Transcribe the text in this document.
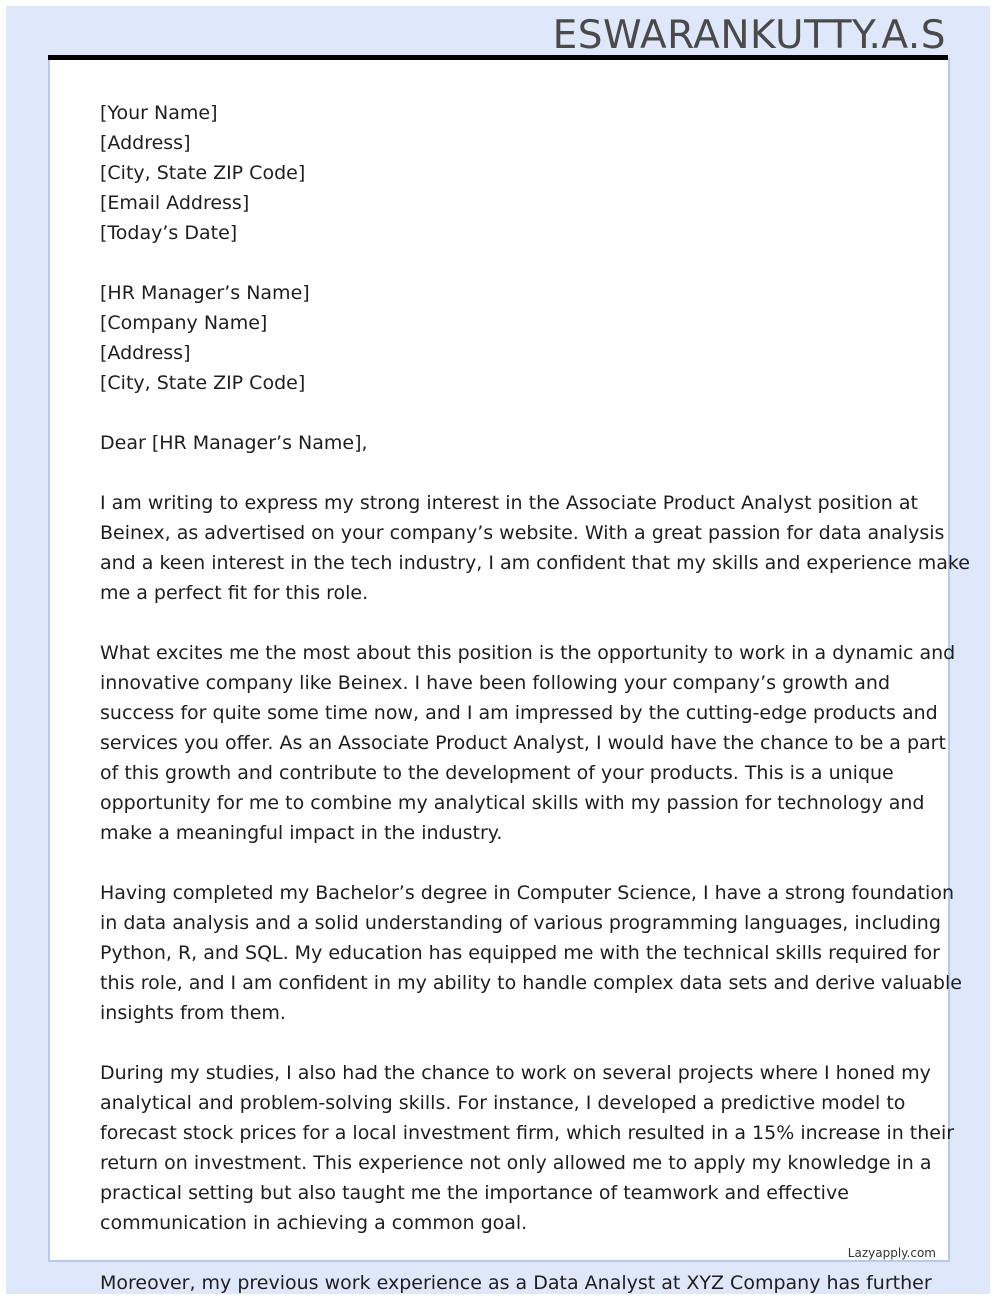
ESWARANKUTTY.A.S
[Your Name]
[Address]
[City, State ZIP Code]
[Email Address]
[Today’s Date]
[HR Manager’s Name]
[Company Name]
[Address]
[City, State ZIP Code]
Dear [HR Manager’s Name],
I am writing to express my strong interest in the Associate Product Analyst position at
Beinex, as advertised on your company’s website. With a great passion for data analysis
and a keen interest in the tech industry, I am confident that my skills and experience make
me a perfect fit for this role.
What excites me the most about this position is the opportunity to work in a dynamic and
innovative company like Beinex. I have been following your company’s growth and
success for quite some time now, and I am impressed by the cutting-edge products and
services you offer. As an Associate Product Analyst, I would have the chance to be a part
of this growth and contribute to the development of your products. This is a unique
opportunity for me to combine my analytical skills with my passion for technology and
make a meaningful impact in the industry.
Having completed my Bachelor’s degree in Computer Science, I have a strong foundation
in data analysis and a solid understanding of various programming languages, including
Python, R, and SQL. My education has equipped me with the technical skills required for
this role, and I am confident in my ability to handle complex data sets and derive valuable
insights from them.
During my studies, I also had the chance to work on several projects where I honed my
analytical and problem-solving skills. For instance, I developed a predictive model to
forecast stock prices for a local investment firm, which resulted in a 15% increase in their
return on investment. This experience not only allowed me to apply my knowledge in a
practical setting but also taught me the importance of teamwork and effective
communication in achieving a common goal.
Lazyapply.com
Moreover, my previous work experience as a Data Analyst at XYZ Company has further
